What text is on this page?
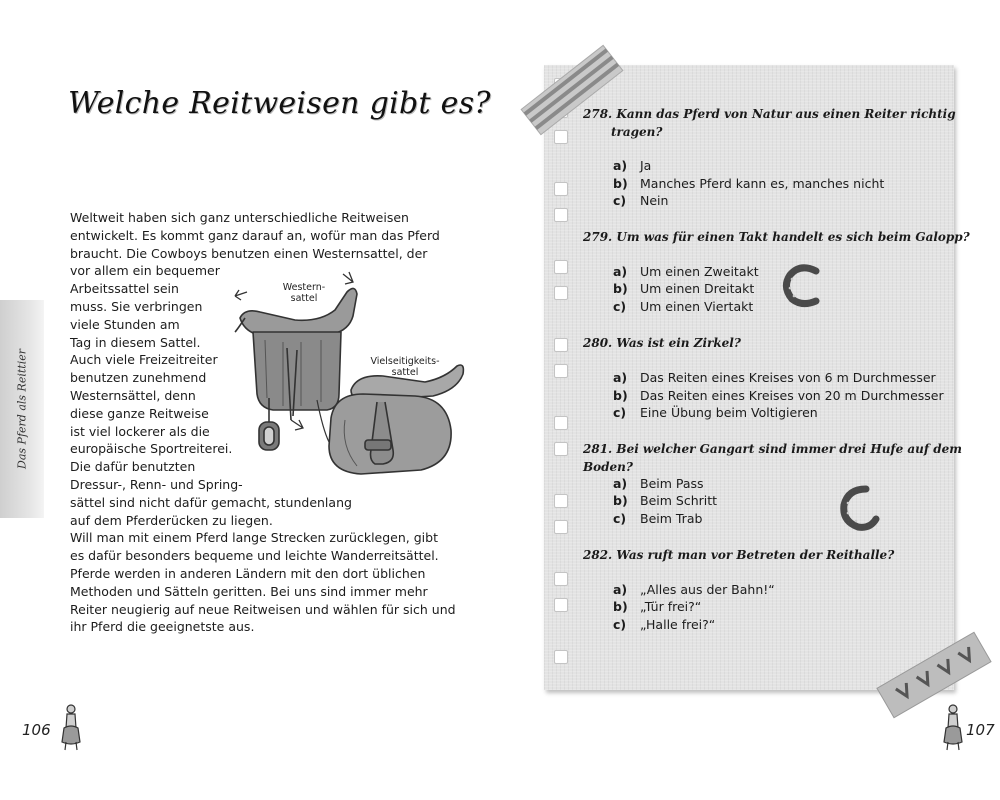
Das Pferd als Reittier
Welche Reitweisen gibt es?
Weltweit haben sich ganz unterschiedliche Reitweisen
entwickelt. Es kommt ganz darauf an, wofür man das Pferd
braucht. Die Cowboys benutzen einen Westernsattel, der
vor allem ein bequemer
Arbeitssattel sein
muss. Sie verbringen
viele Stunden am
Tag in diesem Sattel.
Auch viele Freizeitreiter
benutzen zunehmend
Westernsättel, denn
diese ganze Reitweise
ist viel lockerer als die
europäische Sportreiterei.
Die dafür benutzten
Dressur-, Renn- und Spring-
sättel sind nicht dafür gemacht, stundenlang
auf dem Pferderücken zu liegen.
Will man mit einem Pferd lange Strecken zurücklegen, gibt
es dafür besonders bequeme und leichte Wanderreitsättel.
Pferde werden in anderen Ländern mit den dort üblichen
Methoden und Sätteln geritten. Bei uns sind immer mehr
Reiter neugierig auf neue Reitweisen und wählen für sich und
ihr Pferd die geeignetste aus.
Western-
sattel
Vielseitigkeits-
sattel
106
278. Kann das Pferd von Natur aus einen Reiter richtig
tragen?
a) Ja
b) Manches Pferd kann es, manches nicht
c) Nein
279. Um was für einen Takt handelt es sich beim Galopp?
a) Um einen Zweitakt
b) Um einen Dreitakt
c) Um einen Viertakt
280. Was ist ein Zirkel?
a) Das Reiten eines Kreises von 6 m Durchmesser
b) Das Reiten eines Kreises von 20 m Durchmesser
c) Eine Übung beim Voltigieren
281. Bei welcher Gangart sind immer drei Hufe auf dem Boden?
a) Beim Pass
b) Beim Schritt
c) Beim Trab
282. Was ruft man vor Betreten der Reithalle?
a) „Alles aus der Bahn!“
b) „Tür frei?“
c) „Halle frei?“
107
